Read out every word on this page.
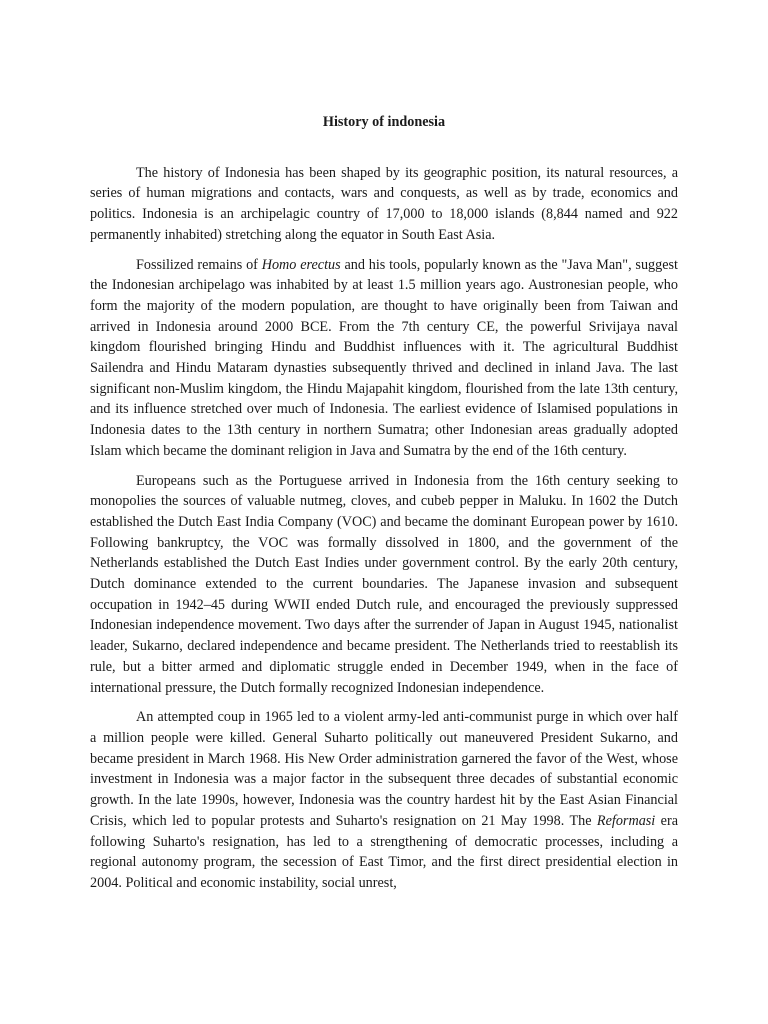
History of indonesia

The history of Indonesia has been shaped by its geographic position, its natural resources, a series of human migrations and contacts, wars and conquests, as well as by trade, economics and politics. Indonesia is an archipelagic country of 17,000 to 18,000 islands (8,844 named and 922 permanently inhabited) stretching along the equator in South East Asia.

Fossilized remains of Homo erectus and his tools, popularly known as the "Java Man", suggest the Indonesian archipelago was inhabited by at least 1.5 million years ago. Austronesian people, who form the majority of the modern population, are thought to have originally been from Taiwan and arrived in Indonesia around 2000 BCE. From the 7th century CE, the powerful Srivijaya naval kingdom flourished bringing Hindu and Buddhist influences with it. The agricultural Buddhist Sailendra and Hindu Mataram dynasties subsequently thrived and declined in inland Java. The last significant non-Muslim kingdom, the Hindu Majapahit kingdom, flourished from the late 13th century, and its influence stretched over much of Indonesia. The earliest evidence of Islamised populations in Indonesia dates to the 13th century in northern Sumatra; other Indonesian areas gradually adopted Islam which became the dominant religion in Java and Sumatra by the end of the 16th century.

Europeans such as the Portuguese arrived in Indonesia from the 16th century seeking to monopolies the sources of valuable nutmeg, cloves, and cubeb pepper in Maluku. In 1602 the Dutch established the Dutch East India Company (VOC) and became the dominant European power by 1610. Following bankruptcy, the VOC was formally dissolved in 1800, and the government of the Netherlands established the Dutch East Indies under government control. By the early 20th century, Dutch dominance extended to the current boundaries. The Japanese invasion and subsequent occupation in 1942–45 during WWII ended Dutch rule, and encouraged the previously suppressed Indonesian independence movement. Two days after the surrender of Japan in August 1945, nationalist leader, Sukarno, declared independence and became president. The Netherlands tried to reestablish its rule, but a bitter armed and diplomatic struggle ended in December 1949, when in the face of international pressure, the Dutch formally recognized Indonesian independence.

An attempted coup in 1965 led to a violent army-led anti-communist purge in which over half a million people were killed. General Suharto politically out maneuvered President Sukarno, and became president in March 1968. His New Order administration garnered the favor of the West, whose investment in Indonesia was a major factor in the subsequent three decades of substantial economic growth. In the late 1990s, however, Indonesia was the country hardest hit by the East Asian Financial Crisis, which led to popular protests and Suharto's resignation on 21 May 1998. The Reformasi era following Suharto's resignation, has led to a strengthening of democratic processes, including a regional autonomy program, the secession of East Timor, and the first direct presidential election in 2004. Political and economic instability, social unrest,
